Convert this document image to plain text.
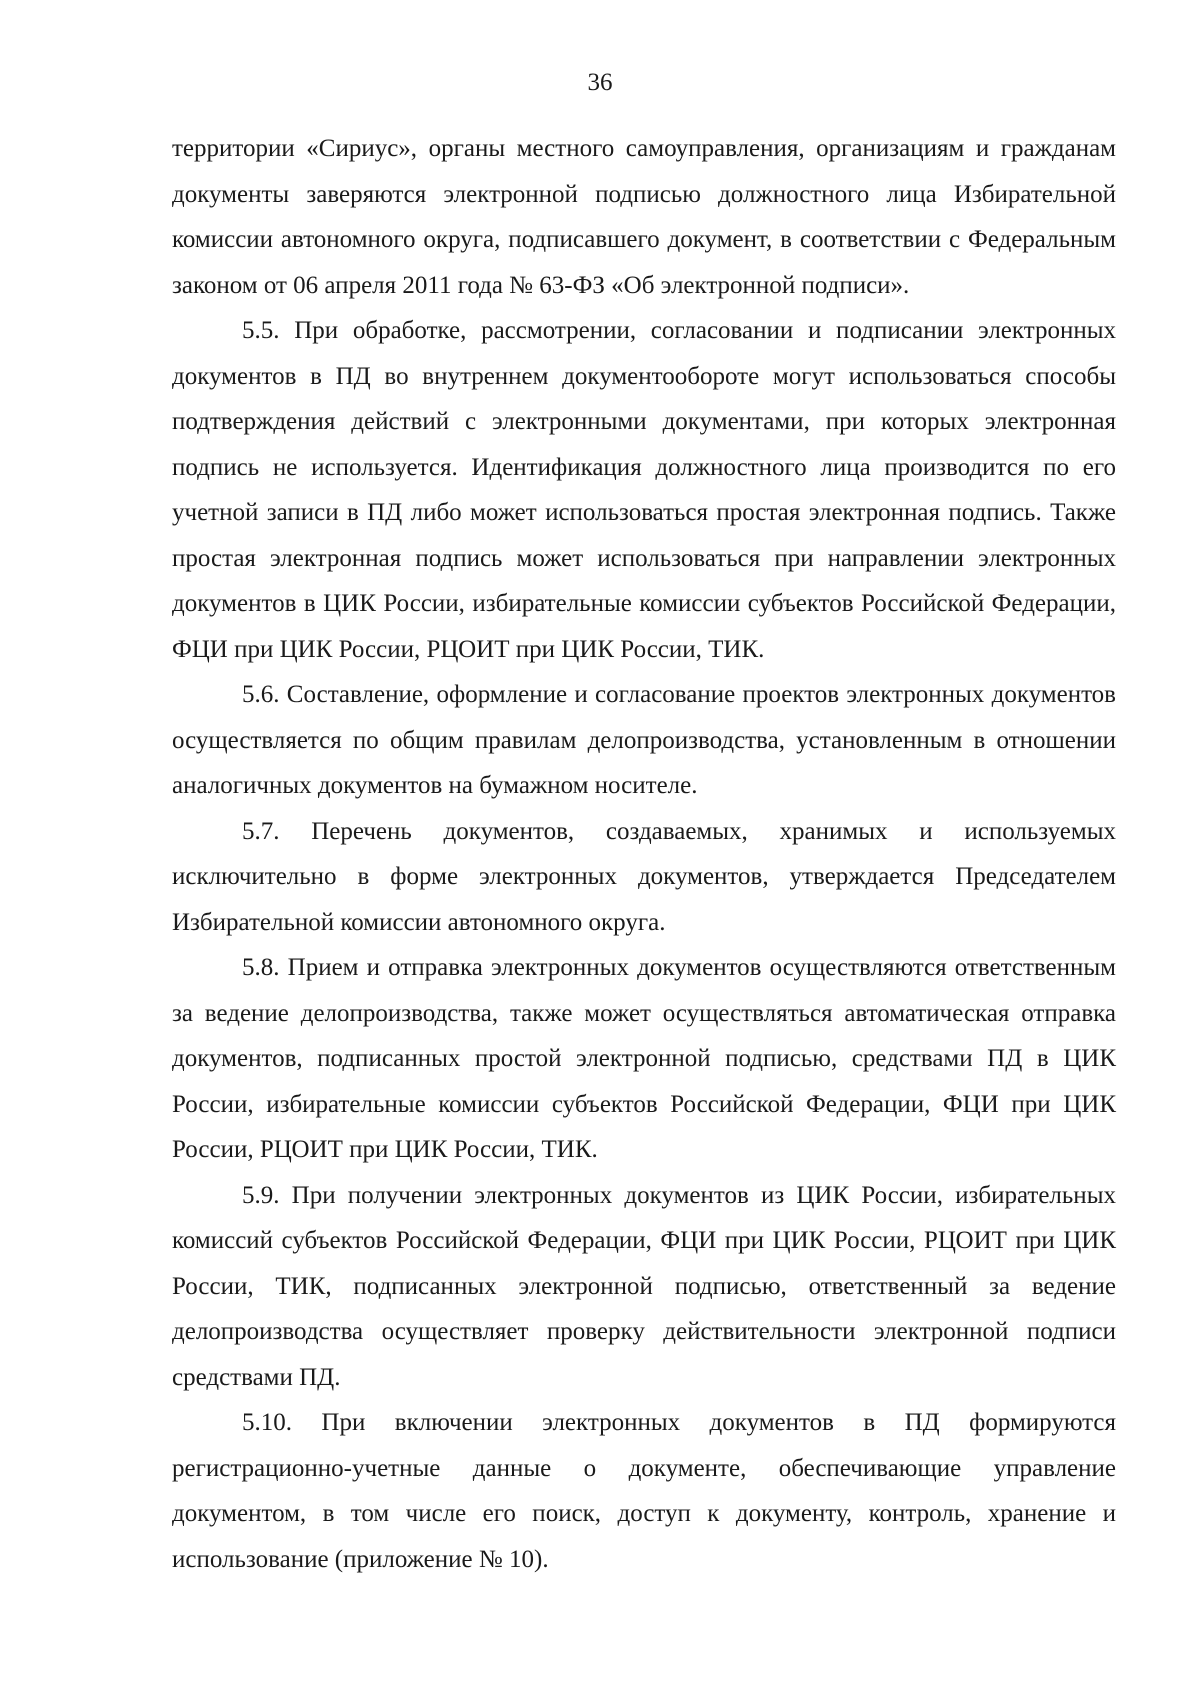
36

территории «Сириус», органы местного самоуправления, организациям и гражданам документы заверяются электронной подписью должностного лица Избирательной комиссии автономного округа, подписавшего документ, в соответствии с Федеральным законом от 06 апреля 2011 года № 63-ФЗ «Об электронной подписи».

5.5. При обработке, рассмотрении, согласовании и подписании электронных документов в ПД во внутреннем документообороте могут использоваться способы подтверждения действий с электронными документами, при которых электронная подпись не используется. Идентификация должностного лица производится по его учетной записи в ПД либо может использоваться простая электронная подпись. Также простая электронная подпись может использоваться при направлении электронных документов в ЦИК России, избирательные комиссии субъектов Российской Федерации, ФЦИ при ЦИК России, РЦОИТ при ЦИК России, ТИК.

5.6. Составление, оформление и согласование проектов электронных документов осуществляется по общим правилам делопроизводства, установленным в отношении аналогичных документов на бумажном носителе.

5.7. Перечень документов, создаваемых, хранимых и используемых исключительно в форме электронных документов, утверждается Председателем Избирательной комиссии автономного округа.

5.8. Прием и отправка электронных документов осуществляются ответственным за ведение делопроизводства, также может осуществляться автоматическая отправка документов, подписанных простой электронной подписью, средствами ПД в ЦИК России, избирательные комиссии субъектов Российской Федерации, ФЦИ при ЦИК России, РЦОИТ при ЦИК России, ТИК.

5.9. При получении электронных документов из ЦИК России, избирательных комиссий субъектов Российской Федерации, ФЦИ при ЦИК России, РЦОИТ при ЦИК России, ТИК, подписанных электронной подписью, ответственный за ведение делопроизводства осуществляет проверку действительности электронной подписи средствами ПД.

5.10. При включении электронных документов в ПД формируются регистрационно-учетные данные о документе, обеспечивающие управление документом, в том числе его поиск, доступ к документу, контроль, хранение и использование (приложение № 10).
